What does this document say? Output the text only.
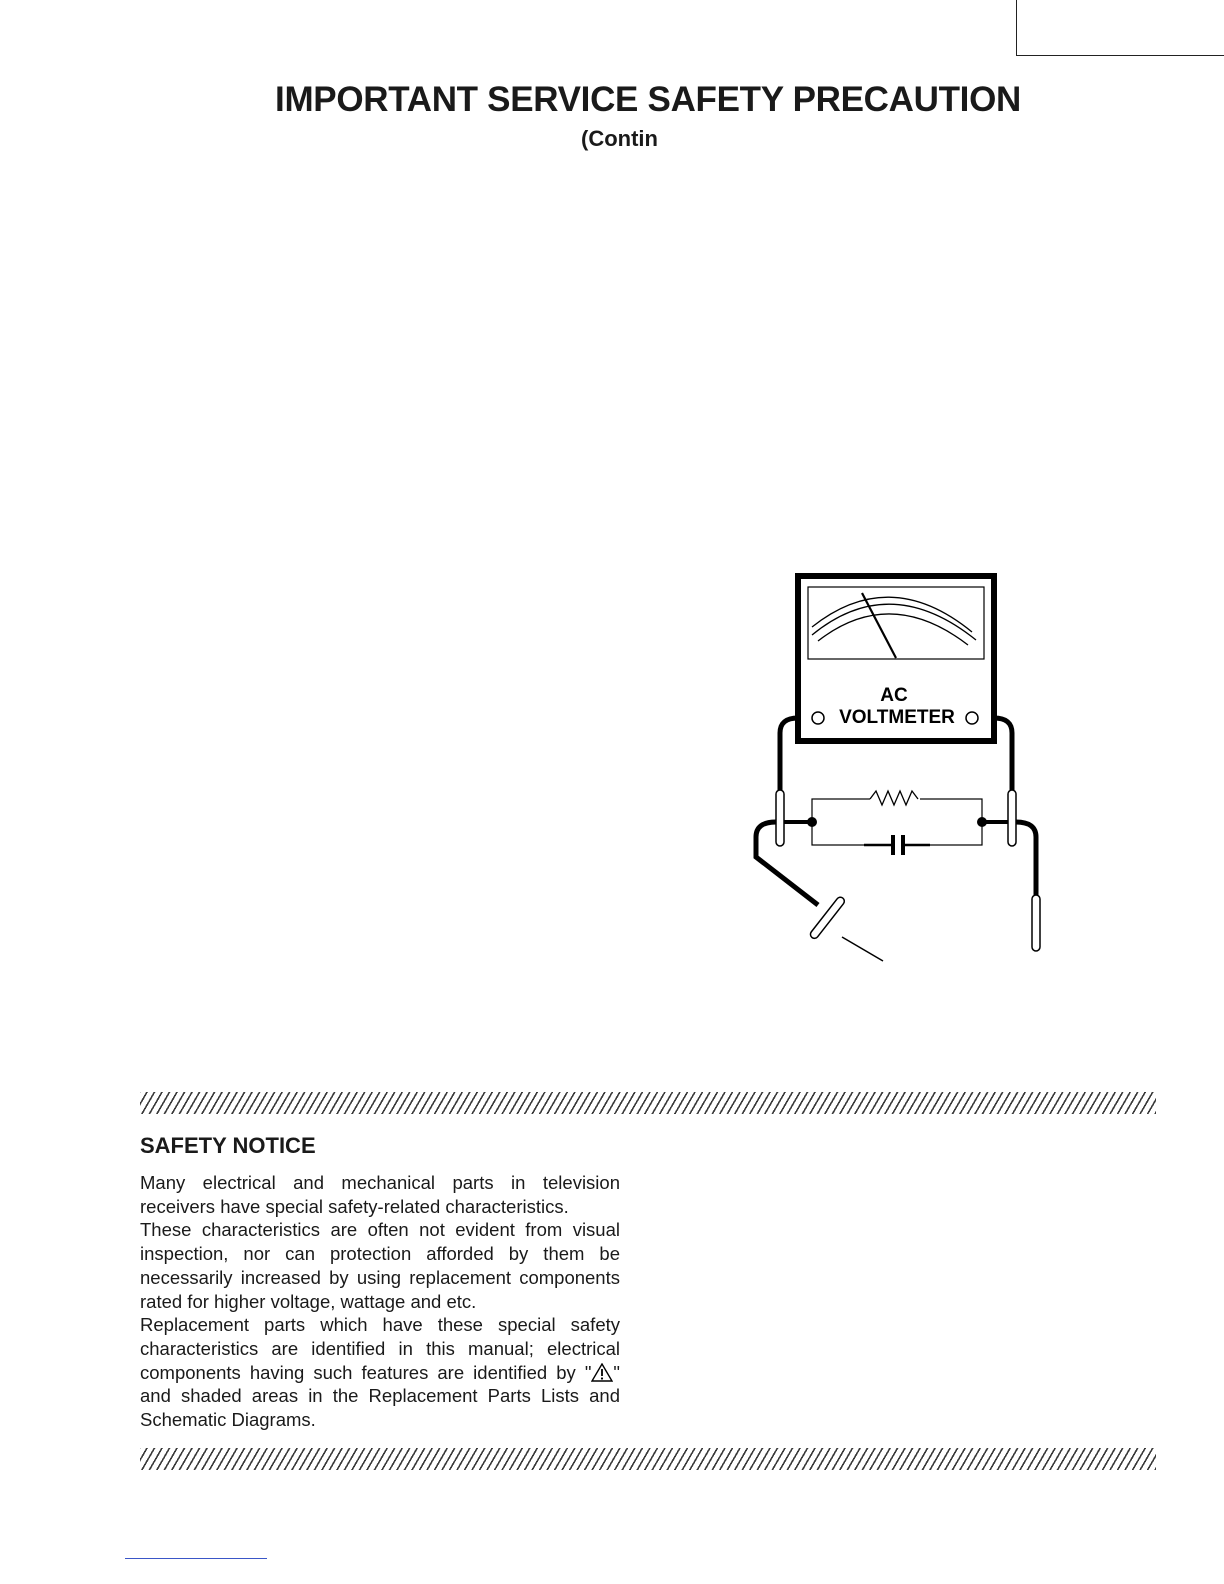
IMPORTANT SERVICE SAFETY PRECAUTION
(Contin
AC
VOLTMETER
SAFETY NOTICE

Many electrical and mechanical parts in television receivers have special safety-related characteristics.

These characteristics are often not evident from visual inspection, nor can protection afforded by them be necessarily increased by using replacement components rated for higher voltage, wattage and etc.

Replacement parts which have these special safety characteristics are identified in this manual; electrical components having such features are identified by " " and shaded areas in the Replacement Parts Lists and Schematic Diagrams.
